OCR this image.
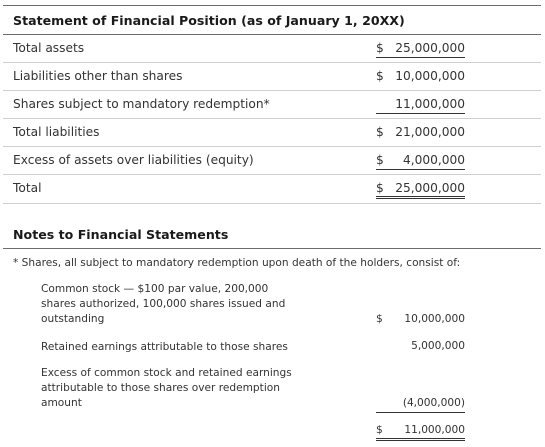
Statement of Financial Position (as of January 1, 20XX)
Total assets	$ 25,000,000
Liabilities other than shares	$ 10,000,000
Shares subject to mandatory redemption*	11,000,000
Total liabilities	$ 21,000,000
Excess of assets over liabilities (equity)	$ 4,000,000
Total	$ 25,000,000
Notes to Financial Statements
* Shares, all subject to mandatory redemption upon death of the holders, consist of:
Common stock — $100 par value, 200,000 shares authorized, 100,000 shares issued and outstanding	$ 10,000,000
Retained earnings attributable to those shares	5,000,000
Excess of common stock and retained earnings attributable to those shares over redemption amount	(4,000,000)
$ 11,000,000
